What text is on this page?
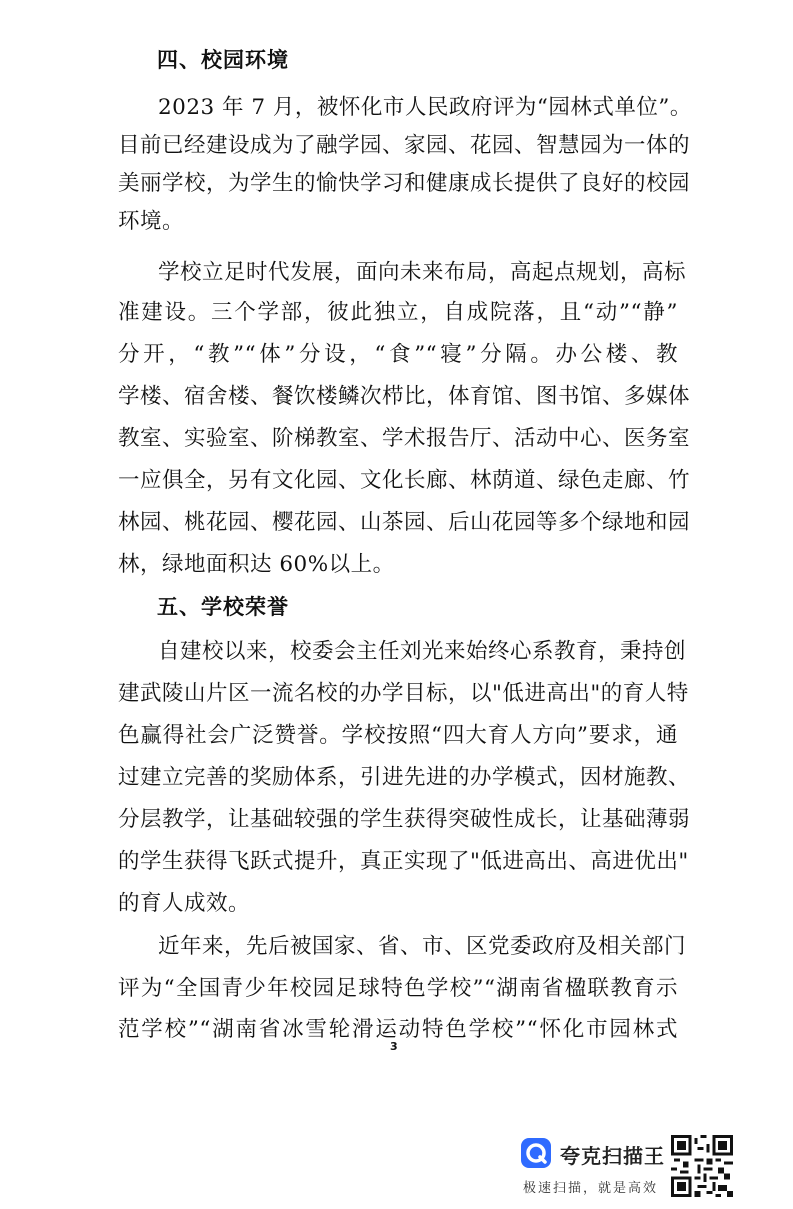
四、校园环境
2023 年 7 月，被怀化市人民政府评为“园林式单位”。
目前已经建设成为了融学园、家园、花园、智慧园为一体的
美丽学校，为学生的愉快学习和健康成长提供了良好的校园
环境。
学校立足时代发展，面向未来布局，高起点规划，高标
准建设。三个学部，彼此独立，自成院落，且“动”“静”
分开，“教”“体”分设，“食”“寝”分隔。办公楼、教
学楼、宿舍楼、餐饮楼鳞次栉比，体育馆、图书馆、多媒体
教室、实验室、阶梯教室、学术报告厅、活动中心、医务室
一应俱全，另有文化园、文化长廊、林荫道、绿色走廊、竹
林园、桃花园、樱花园、山茶园、后山花园等多个绿地和园
林，绿地面积达 60%以上。
五、学校荣誉
自建校以来，校委会主任刘光来始终心系教育，秉持创
建武陵山片区一流名校的办学目标，以"低进高出"的育人特
色赢得社会广泛赞誉。学校按照“四大育人方向”要求，通
过建立完善的奖励体系，引进先进的办学模式，因材施教、
分层教学，让基础较强的学生获得突破性成长，让基础薄弱
的学生获得飞跃式提升，真正实现了"低进高出、高进优出"
的育人成效。
近年来，先后被国家、省、市、区党委政府及相关部门
评为“全国青少年校园足球特色学校”“湖南省楹联教育示
范学校”“湖南省冰雪轮滑运动特色学校”“怀化市园林式
3
夸克扫描王
极速扫描，就是高效
